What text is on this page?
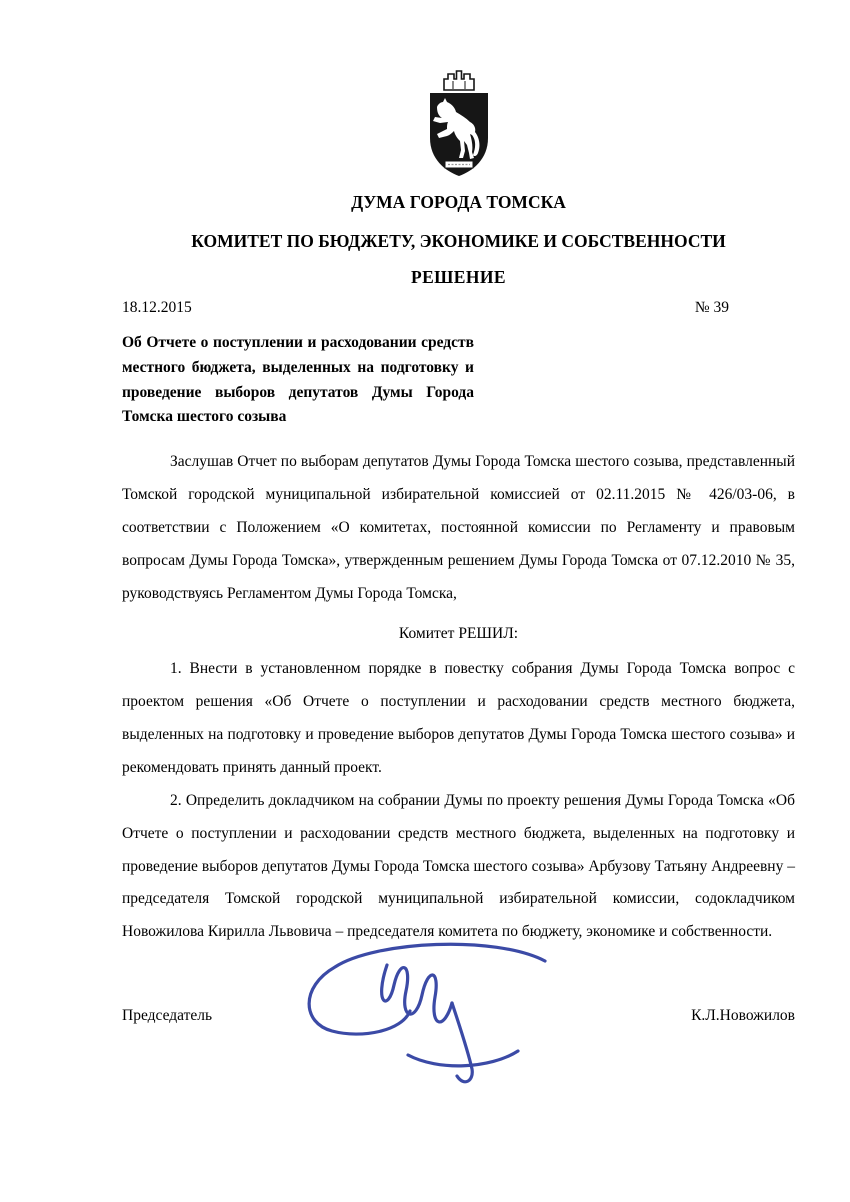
ДУМА ГОРОДА ТОМСКА
КОМИТЕТ ПО БЮДЖЕТУ, ЭКОНОМИКЕ И СОБСТВЕННОСТИ
РЕШЕНИЕ
18.12.2015	№ 39
Об Отчете о поступлении и расходовании средств местного бюджета, выделенных на подготовку и проведение выборов депутатов Думы Города Томска шестого созыва

Заслушав Отчет по выборам депутатов Думы Города Томска шестого созыва, представленный Томской городской муниципальной избирательной комиссией от 02.11.2015 № 426/03-06, в соответствии с Положением «О комитетах, постоянной комиссии по Регламенту и правовым вопросам Думы Города Томска», утвержденным решением Думы Города Томска от 07.12.2010 № 35, руководствуясь Регламентом Думы Города Томска,

Комитет РЕШИЛ:

1. Внести в установленном порядке в повестку собрания Думы Города Томска вопрос с проектом решения «Об Отчете о поступлении и расходовании средств местного бюджета, выделенных на подготовку и проведение выборов депутатов Думы Города Томска шестого созыва» и рекомендовать принять данный проект.

2. Определить докладчиком на собрании Думы по проекту решения Думы Города Томска «Об Отчете о поступлении и расходовании средств местного бюджета, выделенных на подготовку и проведение выборов депутатов Думы Города Томска шестого созыва» Арбузову Татьяну Андреевну – председателя Томской городской муниципальной избирательной комиссии, содокладчиком Новожилова Кирилла Львовича – председателя комитета по бюджету, экономике и собственности.

Председатель	К.Л.Новожилов
